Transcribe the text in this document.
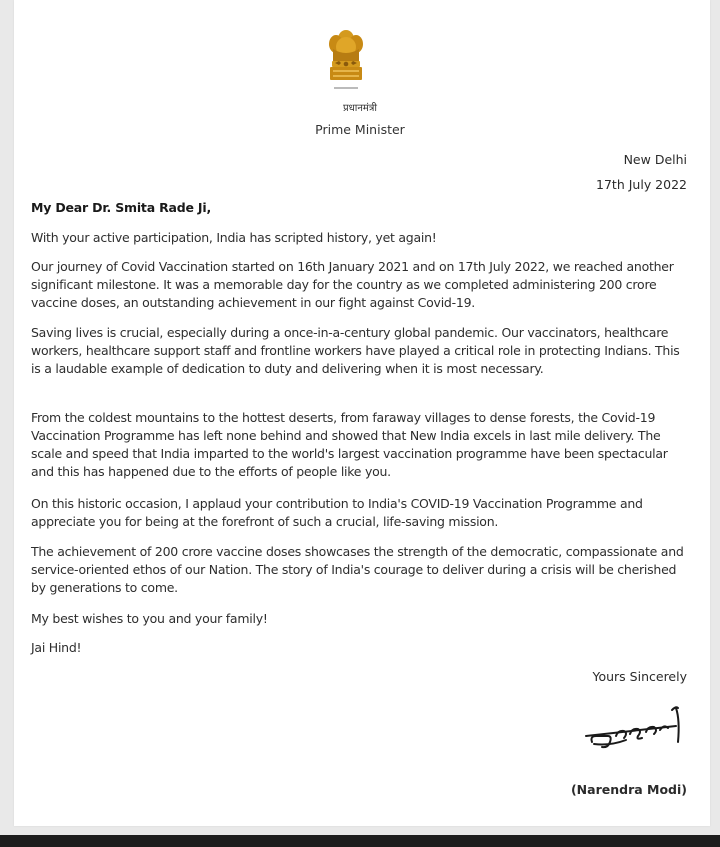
प्रधानमंत्री
Prime Minister
New Delhi
17th July 2022
My Dear Dr. Smita Rade Ji,

With your active participation, India has scripted history, yet again!

Our journey of Covid Vaccination started on 16th January 2021 and on 17th July 2022, we reached another significant milestone. It was a memorable day for the country as we completed administering 200 crore vaccine doses, an outstanding achievement in our fight against Covid-19.

Saving lives is crucial, especially during a once-in-a-century global pandemic. Our vaccinators, healthcare workers, healthcare support staff and frontline workers have played a critical role in protecting Indians. This is a laudable example of dedication to duty and delivering when it is most necessary.

From the coldest mountains to the hottest deserts, from faraway villages to dense forests, the Covid-19 Vaccination Programme has left none behind and showed that New India excels in last mile delivery. The scale and speed that India imparted to the world's largest vaccination programme have been spectacular and this has happened due to the efforts of people like you.

On this historic occasion, I applaud your contribution to India's COVID-19 Vaccination Programme and appreciate you for being at the forefront of such a crucial, life-saving mission.

The achievement of 200 crore vaccine doses showcases the strength of the democratic, compassionate and service-oriented ethos of our Nation. The story of India's courage to deliver during a crisis will be cherished by generations to come.

My best wishes to you and your family!

Jai Hind!

Yours Sincerely
(Narendra Modi)
